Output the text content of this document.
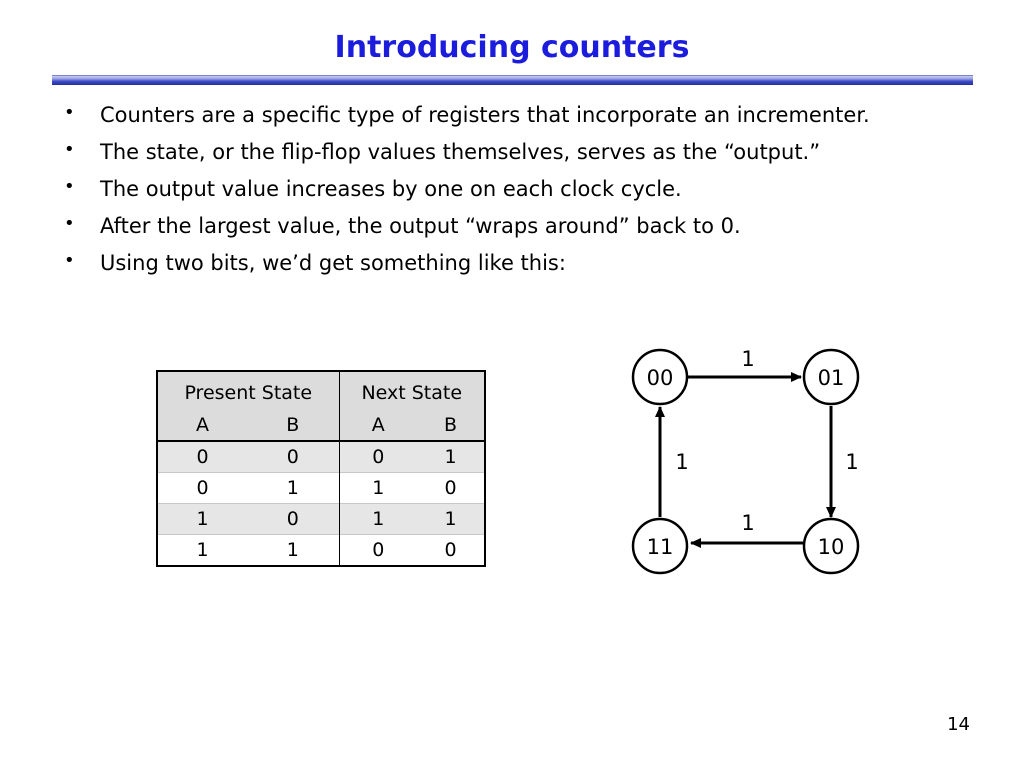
Introducing counters
• Counters are a specific type of registers that incorporate an incrementer.
• The state, or the flip-flop values themselves, serves as the “output.”
• The output value increases by one on each clock cycle.
• After the largest value, the output “wraps around” back to 0.
• Using two bits, we’d get something like this:
Present State		Next State	
A	B	A	B
0	0	0	1
0	1	1	0
1	0	1	1
1	1	0	0
1
1
1
1
00	01
10
11
14
